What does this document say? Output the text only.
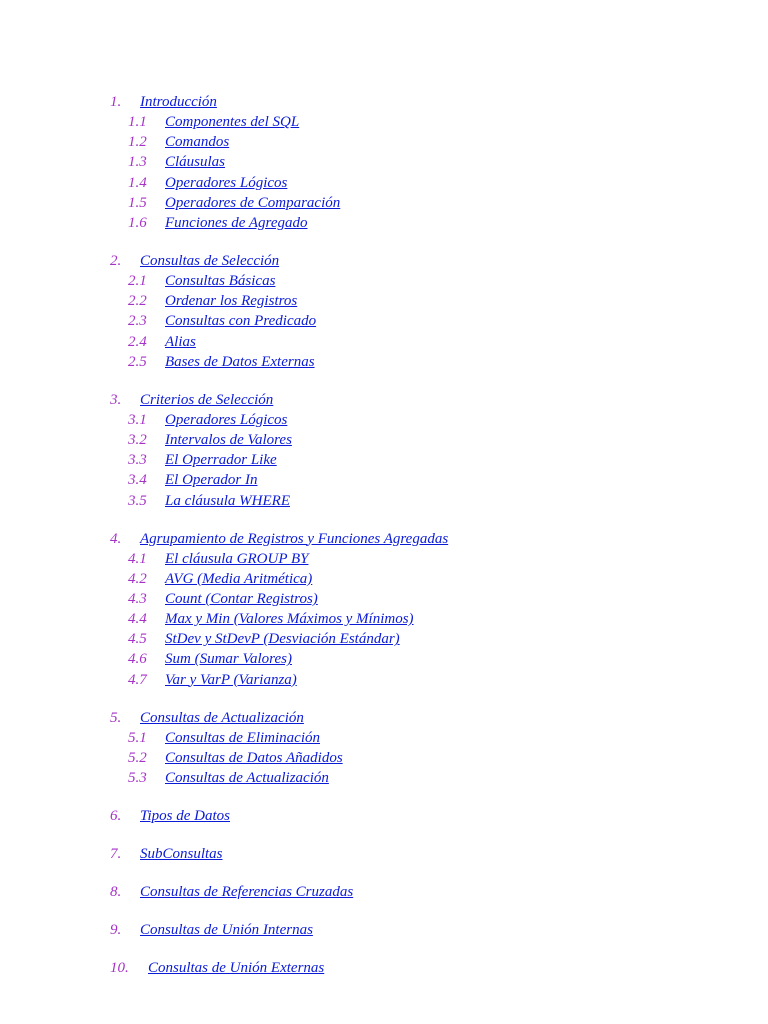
1. Introducción
1.1 Componentes del SQL
1.2 Comandos
1.3 Cláusulas
1.4 Operadores Lógicos
1.5 Operadores de Comparación
1.6 Funciones de Agregado
2. Consultas de Selección
2.1 Consultas Básicas
2.2 Ordenar los Registros
2.3 Consultas con Predicado
2.4 Alias
2.5 Bases de Datos Externas
3. Criterios de Selección
3.1 Operadores Lógicos
3.2 Intervalos de Valores
3.3 El Operrador Like
3.4 El Operador In
3.5 La cláusula WHERE
4. Agrupamiento de Registros y Funciones Agregadas
4.1 El cláusula GROUP BY
4.2 AVG (Media Aritmética)
4.3 Count (Contar Registros)
4.4 Max y Min (Valores Máximos y Mínimos)
4.5 StDev y StDevP (Desviación Estándar)
4.6 Sum (Sumar Valores)
4.7 Var y VarP (Varianza)
5. Consultas de Actualización
5.1 Consultas de Eliminación
5.2 Consultas de Datos Añadidos
5.3 Consultas de Actualización
6. Tipos de Datos
7. SubConsultas
8. Consultas de Referencias Cruzadas
9. Consultas de Unión Internas
10. Consultas de Unión Externas
